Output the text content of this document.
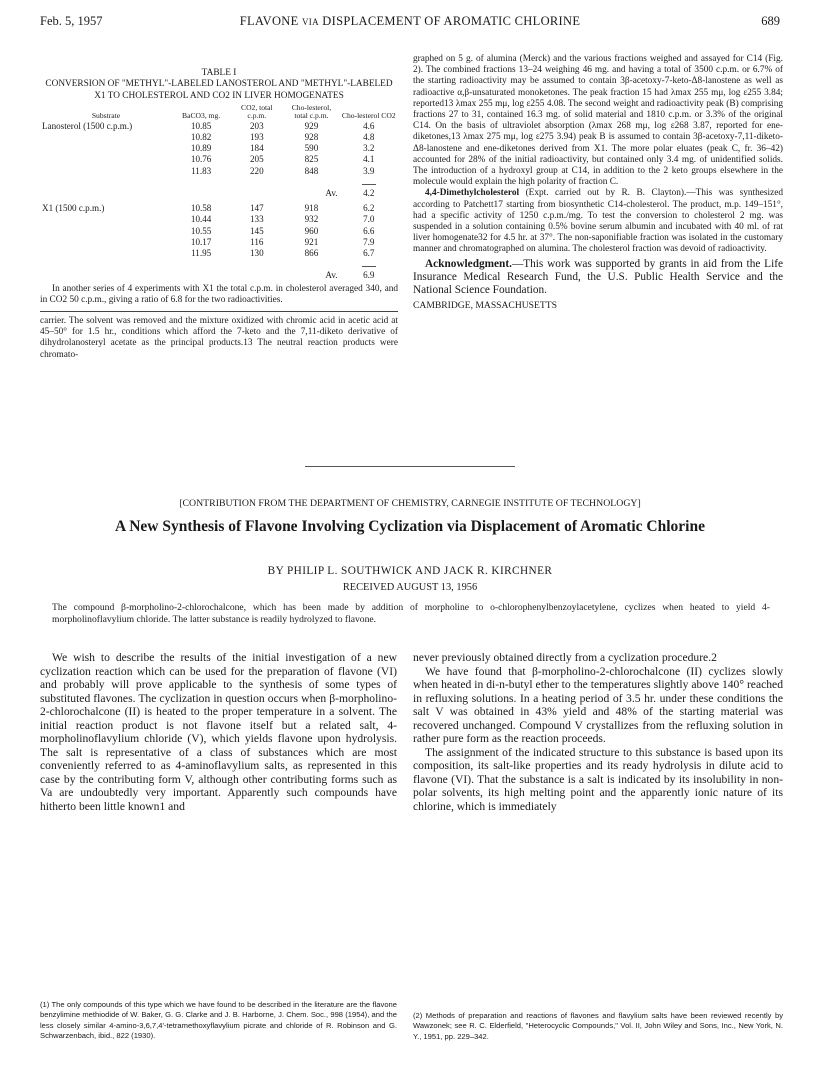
Feb. 5, 1957	FLAVONE via DISPLACEMENT OF AROMATIC CHLORINE	689
TABLE I
CONVERSION OF "METHYL"-LABELED LANOSTEROL AND "METHYL"-LABELED X1 TO CHOLESTEROL AND CO2 IN LIVER HOMOGENATES
Substrate	BaCO3, mg.	CO2, total c.p.m.	Cho-lesterol, total c.p.m.	Cho-lesterol CO2
Lanosterol (1500 c.p.m.)	10.85	203	929	4.6
	10.82	193	928	4.8
	10.89	184	590	3.2
	10.76	205	825	4.1
	11.83	220	848	3.9

			Av.	4.2

X1 (1500 c.p.m.)	10.58	147	918	6.2
	10.44	133	932	7.0
	10.55	145	960	6.6
	10.17	116	921	7.9
	11.95	130	866	6.7

			Av.	6.9

In another series of 4 experiments with X1 the total c.p.m. in cholesterol averaged 340, and in CO2 50 c.p.m., giving a ratio of 6.8 for the two radioactivities.

carrier. The solvent was removed and the mixture oxidized with chromic acid in acetic acid at 45–50° for 1.5 hr., conditions which afford the 7-keto and the 7,11-diketo derivative of dihydrolanosteryl acetate as the principal products.13 The neutral reaction products were chromato-

graphed on 5 g. of alumina (Merck) and the various fractions weighed and assayed for C14 (Fig. 2). The combined fractions 13–24 weighing 46 mg. and having a total of 3500 c.p.m. or 6.7% of the starting radioactivity may be assumed to contain 3β-acetoxy-7-keto-Δ8-lanostene as well as radioactive α,β-unsaturated monoketones. The peak fraction 15 had λmax 255 mμ, log ε255 3.84; reported13 λmax 255 mμ, log ε255 4.08. The second weight and radioactivity peak (B) comprising fractions 27 to 31, contained 16.3 mg. of solid material and 1810 c.p.m. or 3.3% of the original C14. On the basis of ultraviolet absorption (λmax 268 mμ, log ε268 3.87, reported for ene-diketones,13 λmax 275 mμ, log ε275 3.94) peak B is assumed to contain 3β-acetoxy-7,11-diketo-Δ8-lanostene and ene-diketones derived from X1. The more polar eluates (peak C, fr. 36–42) accounted for 28% of the initial radioactivity, but contained only 3.4 mg. of unidentified solids. The introduction of a hydroxyl group at C14, in addition to the 2 keto groups elsewhere in the molecule would explain the high polarity of fraction C.

4,4-Dimethylcholesterol (Expt. carried out by R. B. Clayton).—This was synthesized according to Patchett17 starting from biosynthetic C14-cholesterol. The product, m.p. 149–151°, had a specific activity of 1250 c.p.m./mg. To test the conversion to cholesterol 2 mg. was suspended in a solution containing 0.5% bovine serum albumin and incubated with 40 ml. of rat liver homogenate32 for 4.5 hr. at 37°. The non-saponifiable fraction was isolated in the customary manner and chromatographed on alumina. The cholesterol fraction was devoid of radioactivity.

Acknowledgment.—This work was supported by grants in aid from the Life Insurance Medical Research Fund, the U.S. Public Health Service and the National Science Foundation.

CAMBRIDGE, MASSACHUSETTS

[CONTRIBUTION FROM THE DEPARTMENT OF CHEMISTRY, CARNEGIE INSTITUTE OF TECHNOLOGY]
A New Synthesis of Flavone Involving Cyclization via Displacement of Aromatic Chlorine
BY PHILIP L. SOUTHWICK AND JACK R. KIRCHNER
RECEIVED AUGUST 13, 1956
The compound β-morpholino-2-chlorochalcone, which has been made by addition of morpholine to o-chlorophenylbenzoylacetylene, cyclizes when heated to yield 4-morpholinoflavylium chloride. The latter substance is readily hydrolyzed to flavone.

We wish to describe the results of the initial investigation of a new cyclization reaction which can be used for the preparation of flavone (VI) and probably will prove applicable to the synthesis of some types of substituted flavones. The cyclization in question occurs when β-morpholino-2-chlorochalcone (II) is heated to the proper temperature in a solvent. The initial reaction product is not flavone itself but a related salt, 4-morpholinoflavylium chloride (V), which yields flavone upon hydrolysis. The salt is representative of a class of substances which are most conveniently referred to as 4-aminoflavylium salts, as represented in this case by the contributing form V, although other contributing forms such as Va are undoubtedly very important. Apparently such compounds have hitherto been little known1 and

never previously obtained directly from a cyclization procedure.2

We have found that β-morpholino-2-chlorochalcone (II) cyclizes slowly when heated in di-n-butyl ether to the temperatures slightly above 140° reached in refluxing solutions. In a heating period of 3.5 hr. under these conditions the salt V was obtained in 43% yield and 48% of the starting material was recovered unchanged. Compound V crystallizes from the refluxing solution in rather pure form as the reaction proceeds.

The assignment of the indicated structure to this substance is based upon its composition, its salt-like properties and its ready hydrolysis in dilute acid to flavone (VI). That the substance is a salt is indicated by its insolubility in non-polar solvents, its high melting point and the apparently ionic nature of its chlorine, which is immediately

(1) The only compounds of this type which we have found to be described in the literature are the flavone benzylimine methiodide of W. Baker, G. G. Clarke and J. B. Harborne, J. Chem. Soc., 998 (1954), and the less closely similar 4-amino-3,6,7,4'-tetramethoxyflavylium picrate and chloride of R. Robinson and G. Schwarzenbach, ibid., 822 (1930).
(2) Methods of preparation and reactions of flavones and flavylium salts have been reviewed recently by Wawzonek; see R. C. Elderfield, "Heterocyclic Compounds," Vol. II, John Wiley and Sons, Inc., New York, N. Y., 1951, pp. 229–342.
